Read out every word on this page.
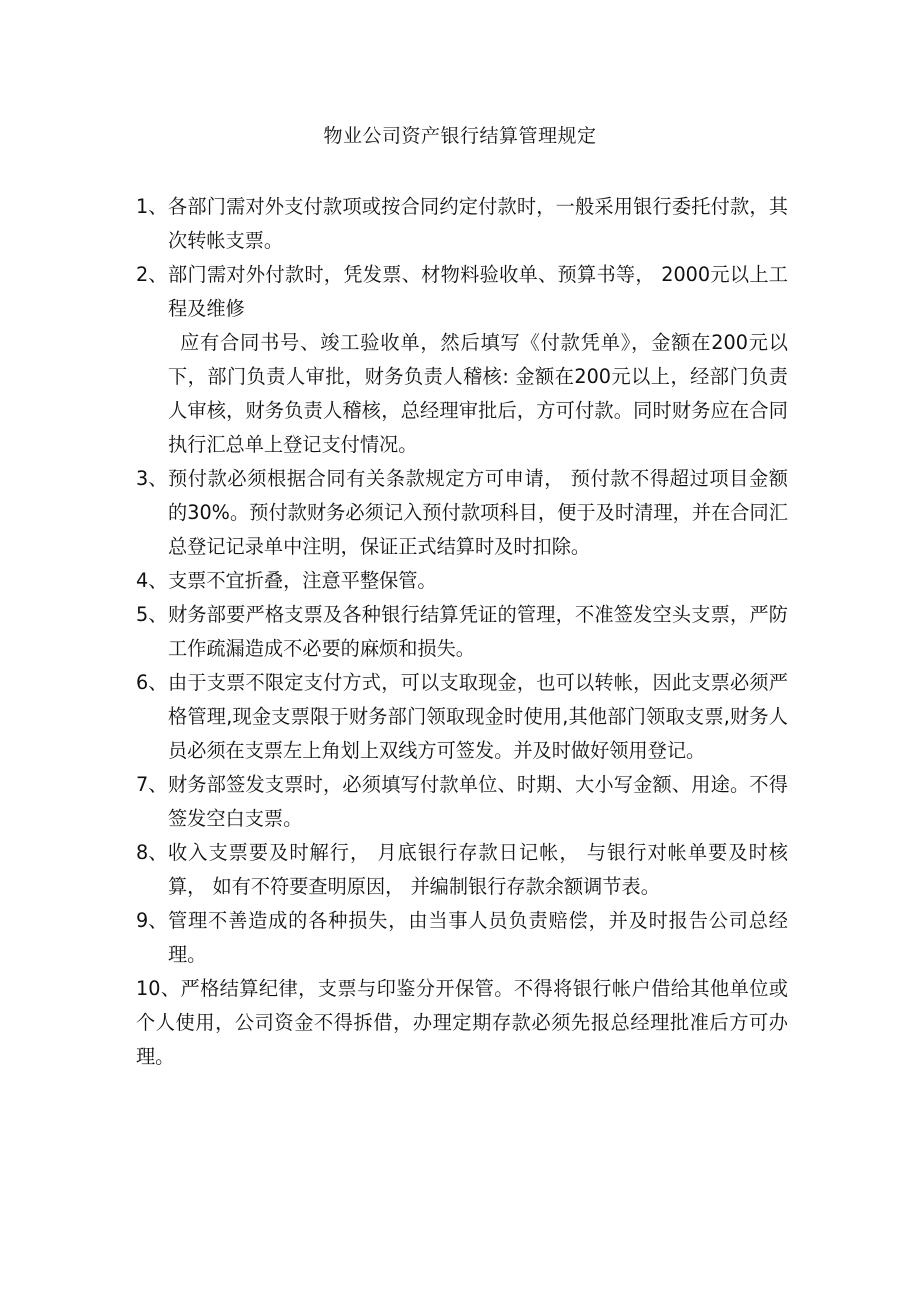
物业公司资产银行结算管理规定
1、 各部门需对外支付款项或按合同约定付款时，一般采用银行委托付款，其次转帐支票。
2、 部门需对外付款时，凭发票、材物料验收单、预算书等， 2000元以上工程及维修
应有合同书号、竣工验收单，然后填写《付款凭单》，金额在200元以下，部门负责人审批，财务负责人稽核: 金额在200元以上，经部门负责人审核，财务负责人稽核，总经理审批后，方可付款。同时财务应在合同执行汇总单上登记支付情况。
3、 预付款必须根据合同有关条款规定方可申请， 预付款不得超过项目金额的30%。预付款财务必须记入预付款项科目，便于及时清理，并在合同汇总登记记录单中注明，保证正式结算时及时扣除。
4、 支票不宜折叠，注意平整保管。
5、 财务部要严格支票及各种银行结算凭证的管理，不准签发空头支票，严防工作疏漏造成不必要的麻烦和损失。
6、 由于支票不限定支付方式，可以支取现金，也可以转帐，因此支票必须严格管理,现金支票限于财务部门领取现金时使用,其他部门领取支票,财务人员必须在支票左上角划上双线方可签发。并及时做好领用登记。
7、 财务部签发支票时，必须填写付款单位、时期、大小写金额、用途。不得签发空白支票。
8、 收入支票要及时解行， 月底银行存款日记帐， 与银行对帐单要及时核算， 如有不符要查明原因， 并编制银行存款余额调节表。
9、 管理不善造成的各种损失，由当事人员负责赔偿，并及时报告公司总经理。
10、严格结算纪律，支票与印鉴分开保管。不得将银行帐户借给其他单位或个人使用，公司资金不得拆借，办理定期存款必须先报总经理批准后方可办理。
